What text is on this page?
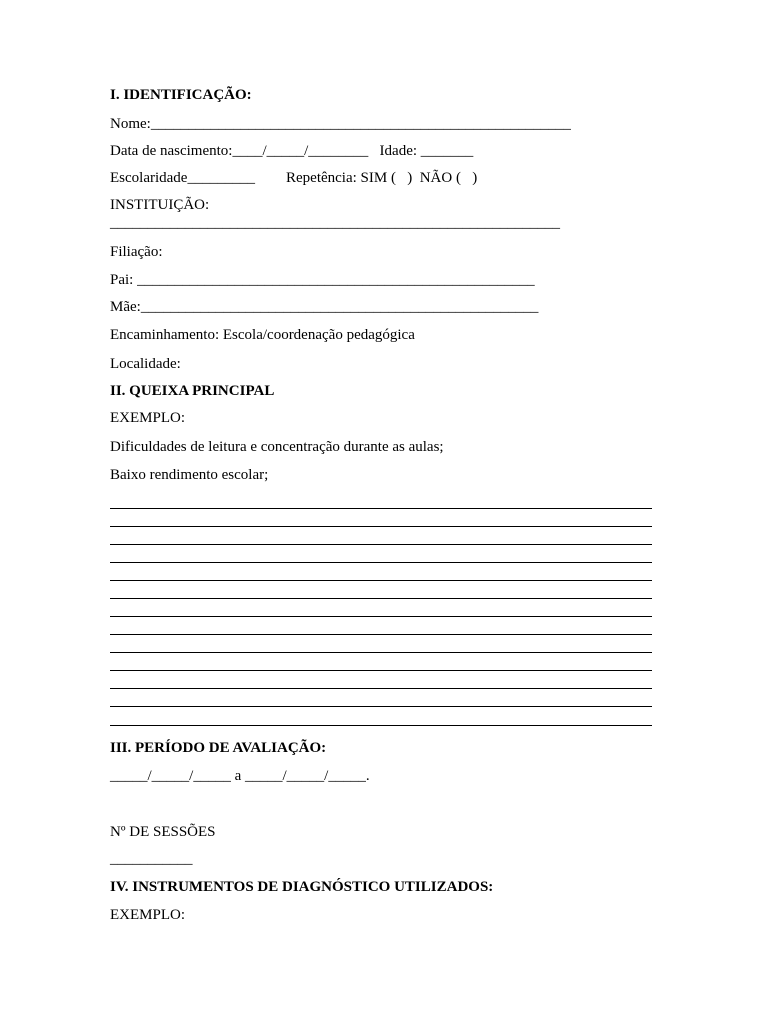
I. IDENTIFICAÇÃO:
Nome:________________________________________________________
Data de nascimento:____/_____/________   Idade: _______
Escolaridade_________ Repetência: SIM (   )  NÃO (   )
INSTITUIÇÃO:
____________________________________________________________
Filiação:
Pai: _____________________________________________________
Mãe:_____________________________________________________
Encaminhamento: Escola/coordenação pedagógica
Localidade:
II. QUEIXA PRINCIPAL
EXEMPLO:
Dificuldades de leitura e concentração durante as aulas;
Baixo rendimento escolar;
III. PERÍODO DE AVALIAÇÃO:
_____/_____/_____ a _____/_____/_____.
Nº DE SESSÕES
___________
IV. INSTRUMENTOS DE DIAGNÓSTICO UTILIZADOS:
EXEMPLO:
